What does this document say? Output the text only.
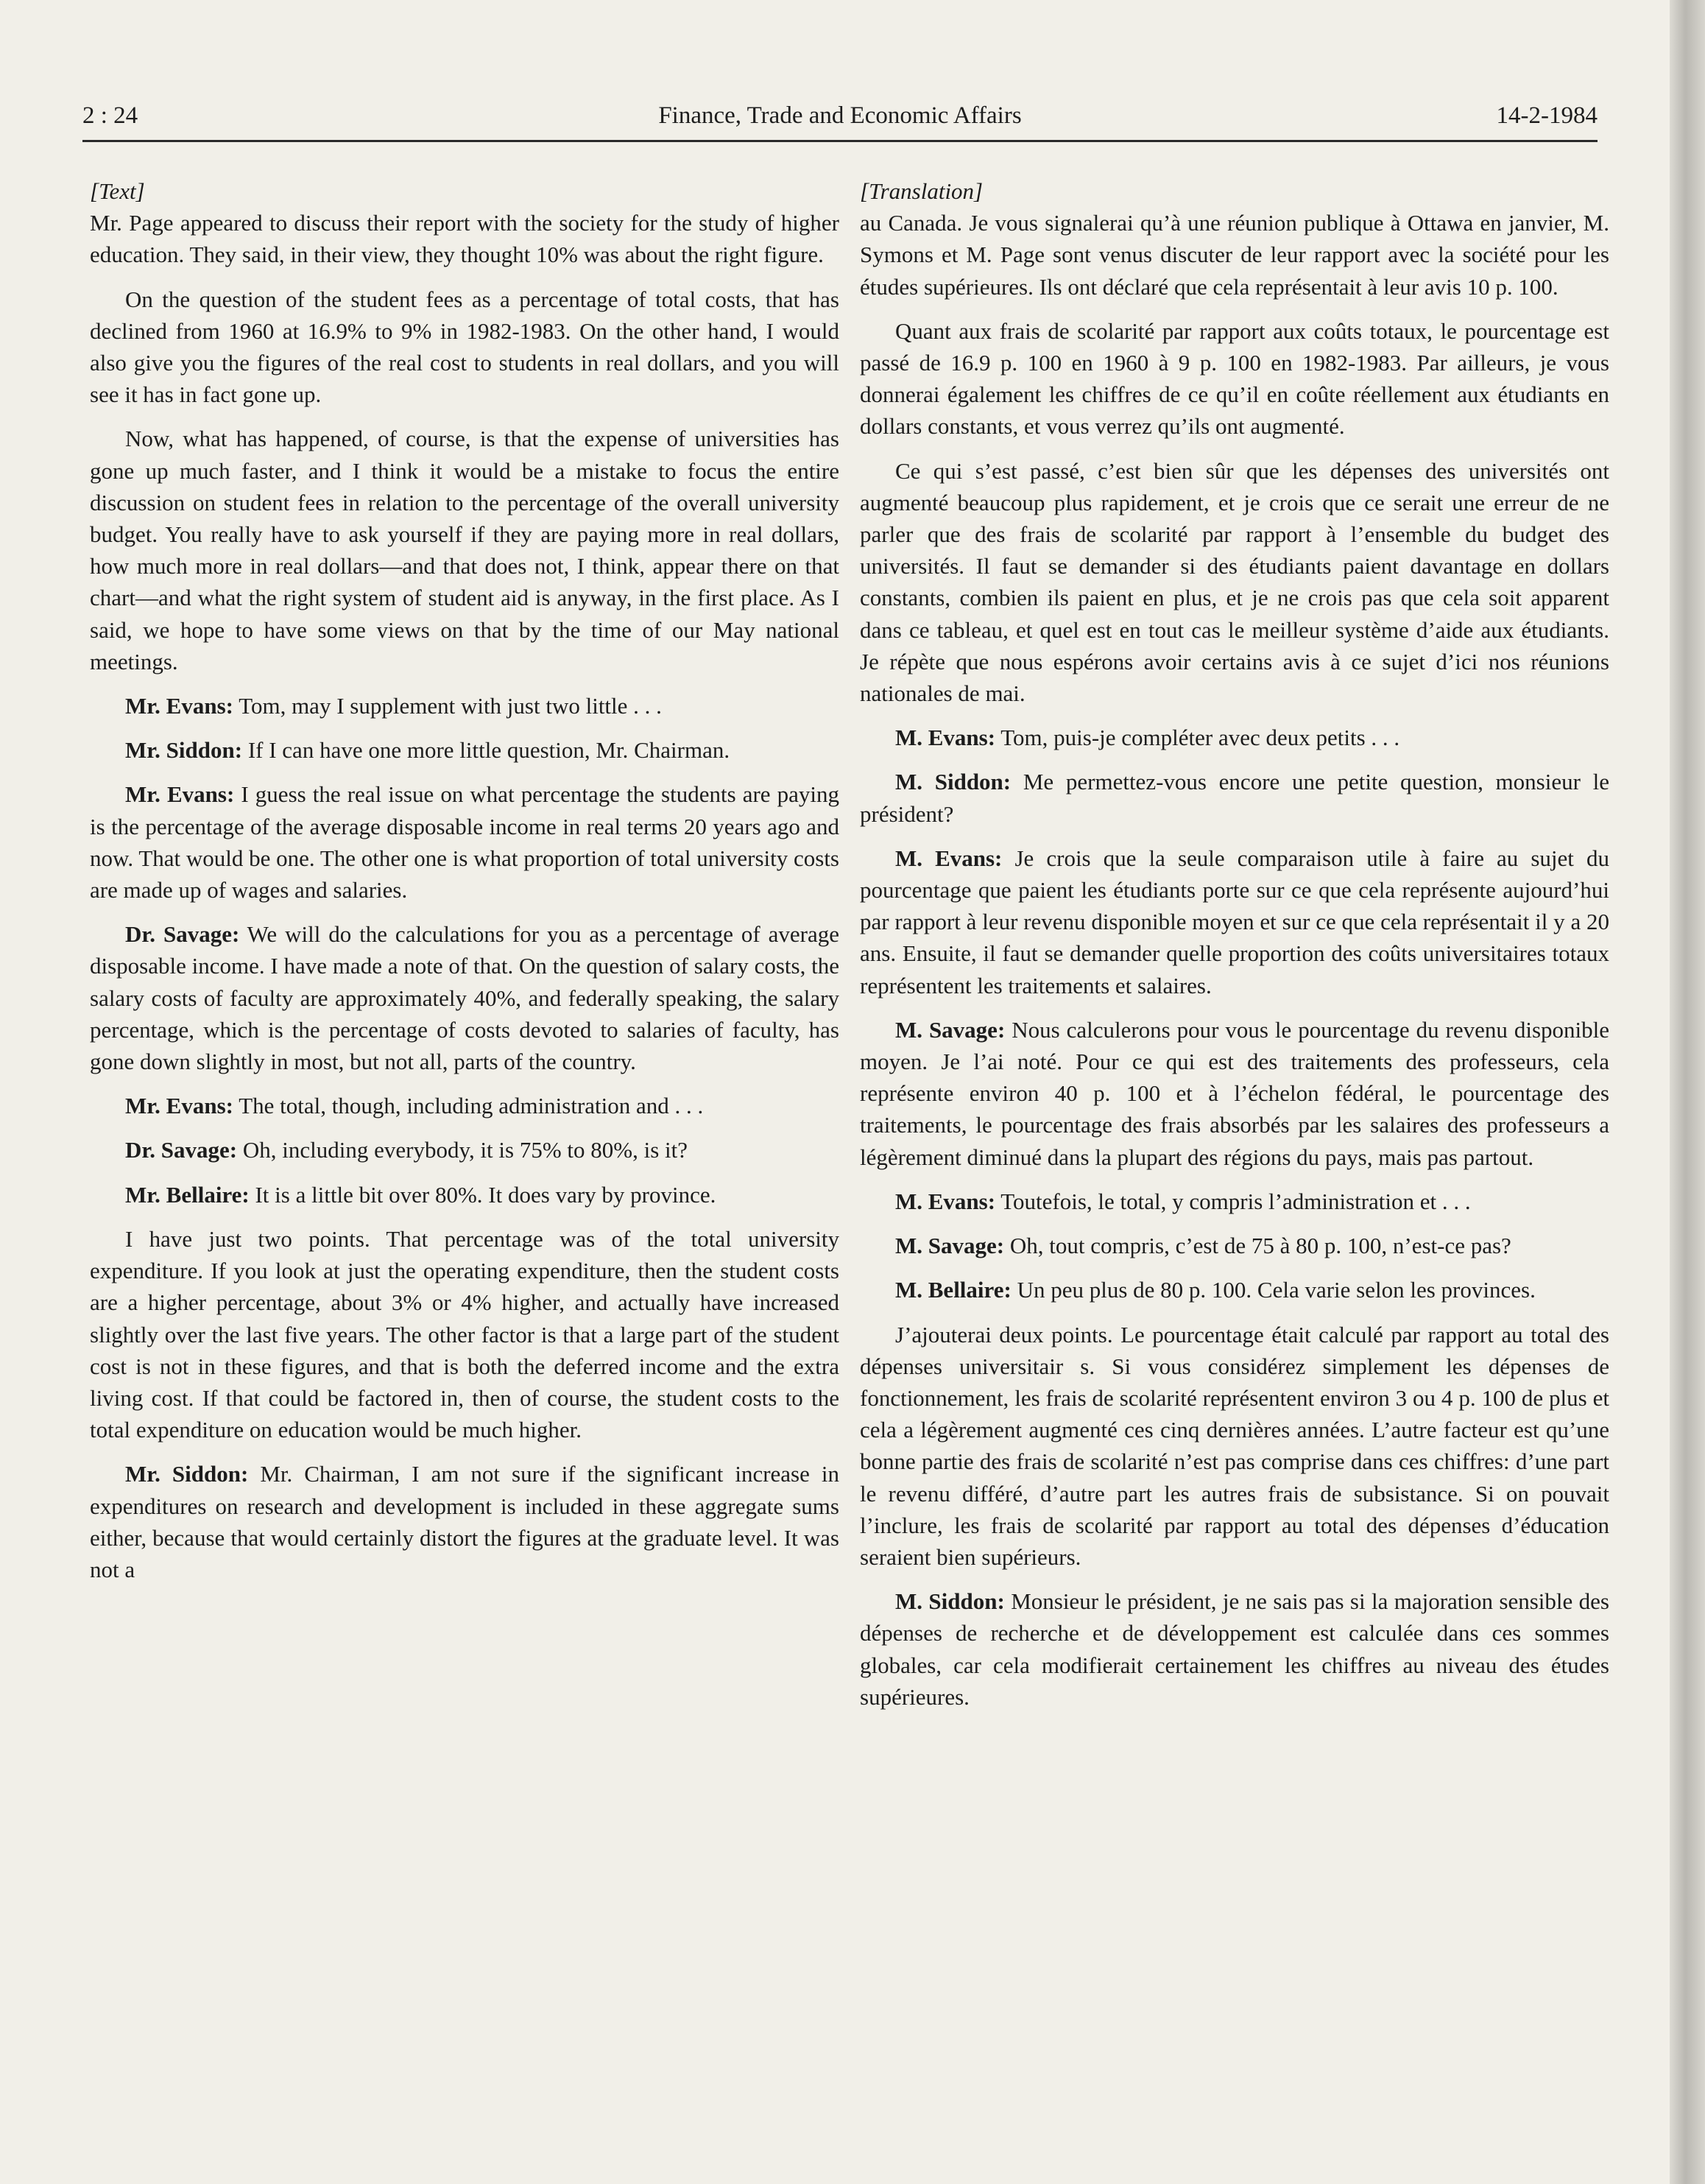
2 : 24	Finance, Trade and Economic Affairs	14-2-1984

[Text]

Mr. Page appeared to discuss their report with the society for the study of higher education. They said, in their view, they thought 10% was about the right figure.

On the question of the student fees as a percentage of total costs, that has declined from 1960 at 16.9% to 9% in 1982-1983. On the other hand, I would also give you the figures of the real cost to students in real dollars, and you will see it has in fact gone up.

Now, what has happened, of course, is that the expense of universities has gone up much faster, and I think it would be a mistake to focus the entire discussion on student fees in relation to the percentage of the overall university budget. You really have to ask yourself if they are paying more in real dollars, how much more in real dollars—and that does not, I think, appear there on that chart—and what the right system of student aid is anyway, in the first place. As I said, we hope to have some views on that by the time of our May national meetings.

Mr. Evans: Tom, may I supplement with just two little . . .

Mr. Siddon: If I can have one more little question, Mr. Chairman.

Mr. Evans: I guess the real issue on what percentage the students are paying is the percentage of the average disposable income in real terms 20 years ago and now. That would be one. The other one is what proportion of total university costs are made up of wages and salaries.

Dr. Savage: We will do the calculations for you as a percentage of average disposable income. I have made a note of that. On the question of salary costs, the salary costs of faculty are approximately 40%, and federally speaking, the salary percentage, which is the percentage of costs devoted to salaries of faculty, has gone down slightly in most, but not all, parts of the country.

Mr. Evans: The total, though, including administration and . . .

Dr. Savage: Oh, including everybody, it is 75% to 80%, is it?

Mr. Bellaire: It is a little bit over 80%. It does vary by province.

I have just two points. That percentage was of the total university expenditure. If you look at just the operating expenditure, then the student costs are a higher percentage, about 3% or 4% higher, and actually have increased slightly over the last five years. The other factor is that a large part of the student cost is not in these figures, and that is both the deferred income and the extra living cost. If that could be factored in, then of course, the student costs to the total expenditure on education would be much higher.

Mr. Siddon: Mr. Chairman, I am not sure if the significant increase in expenditures on research and development is included in these aggregate sums either, because that would certainly distort the figures at the graduate level. It was not a

[Translation]

au Canada. Je vous signalerai qu’à une réunion publique à Ottawa en janvier, M. Symons et M. Page sont venus discuter de leur rapport avec la société pour les études supérieures. Ils ont déclaré que cela représentait à leur avis 10 p. 100.

Quant aux frais de scolarité par rapport aux coûts totaux, le pourcentage est passé de 16.9 p. 100 en 1960 à 9 p. 100 en 1982-1983. Par ailleurs, je vous donnerai également les chiffres de ce qu’il en coûte réellement aux étudiants en dollars constants, et vous verrez qu’ils ont augmenté.

Ce qui s’est passé, c’est bien sûr que les dépenses des universités ont augmenté beaucoup plus rapidement, et je crois que ce serait une erreur de ne parler que des frais de scolarité par rapport à l’ensemble du budget des universités. Il faut se demander si des étudiants paient davantage en dollars constants, combien ils paient en plus, et je ne crois pas que cela soit apparent dans ce tableau, et quel est en tout cas le meilleur système d’aide aux étudiants. Je répète que nous espérons avoir certains avis à ce sujet d’ici nos réunions nationales de mai.

M. Evans: Tom, puis-je compléter avec deux petits . . .

M. Siddon: Me permettez-vous encore une petite question, monsieur le président?

M. Evans: Je crois que la seule comparaison utile à faire au sujet du pourcentage que paient les étudiants porte sur ce que cela représente aujourd’hui par rapport à leur revenu disponible moyen et sur ce que cela représentait il y a 20 ans. Ensuite, il faut se demander quelle proportion des coûts universitaires totaux représentent les traitements et salaires.

M. Savage: Nous calculerons pour vous le pourcentage du revenu disponible moyen. Je l’ai noté. Pour ce qui est des traitements des professeurs, cela représente environ 40 p. 100 et à l’échelon fédéral, le pourcentage des traitements, le pourcentage des frais absorbés par les salaires des professeurs a légèrement diminué dans la plupart des régions du pays, mais pas partout.

M. Evans: Toutefois, le total, y compris l’administration et . . .

M. Savage: Oh, tout compris, c’est de 75 à 80 p. 100, n’est-ce pas?

M. Bellaire: Un peu plus de 80 p. 100. Cela varie selon les provinces.

J’ajouterai deux points. Le pourcentage était calculé par rapport au total des dépenses universitair s. Si vous considérez simplement les dépenses de fonctionnement, les frais de scolarité représentent environ 3 ou 4 p. 100 de plus et cela a légèrement augmenté ces cinq dernières années. L’autre facteur est qu’une bonne partie des frais de scolarité n’est pas comprise dans ces chiffres: d’une part le revenu différé, d’autre part les autres frais de subsistance. Si on pouvait l’inclure, les frais de scolarité par rapport au total des dépenses d’éducation seraient bien supérieurs.

M. Siddon: Monsieur le président, je ne sais pas si la majoration sensible des dépenses de recherche et de développement est calculée dans ces sommes globales, car cela modifierait certainement les chiffres au niveau des études supérieures.
